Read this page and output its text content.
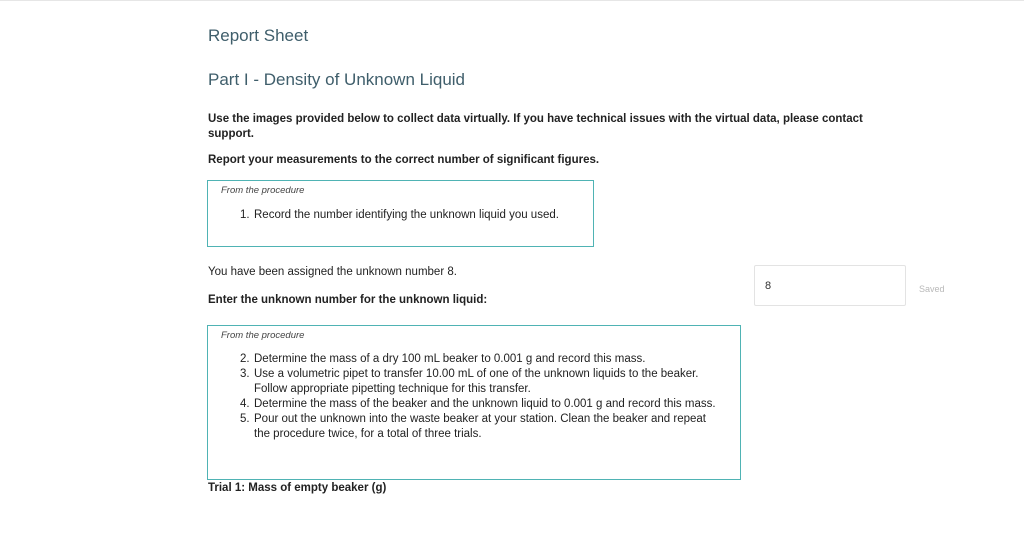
Report Sheet
Part I - Density of Unknown Liquid
Use the images provided below to collect data virtually. If you have technical issues with the virtual data, please contact support.
Report your measurements to the correct number of significant figures.
From the procedure
1. Record the number identifying the unknown liquid you used.
You have been assigned the unknown number 8.
Enter the unknown number for the unknown liquid:
8
Saved
From the procedure
2. Determine the mass of a dry 100 mL beaker to 0.001 g and record this mass.
3. Use a volumetric pipet to transfer 10.00 mL of one of the unknown liquids to the beaker. Follow appropriate pipetting technique for this transfer.
4. Determine the mass of the beaker and the unknown liquid to 0.001 g and record this mass.
5. Pour out the unknown into the waste beaker at your station. Clean the beaker and repeat the procedure twice, for a total of three trials.
Trial 1: Mass of empty beaker (g)
